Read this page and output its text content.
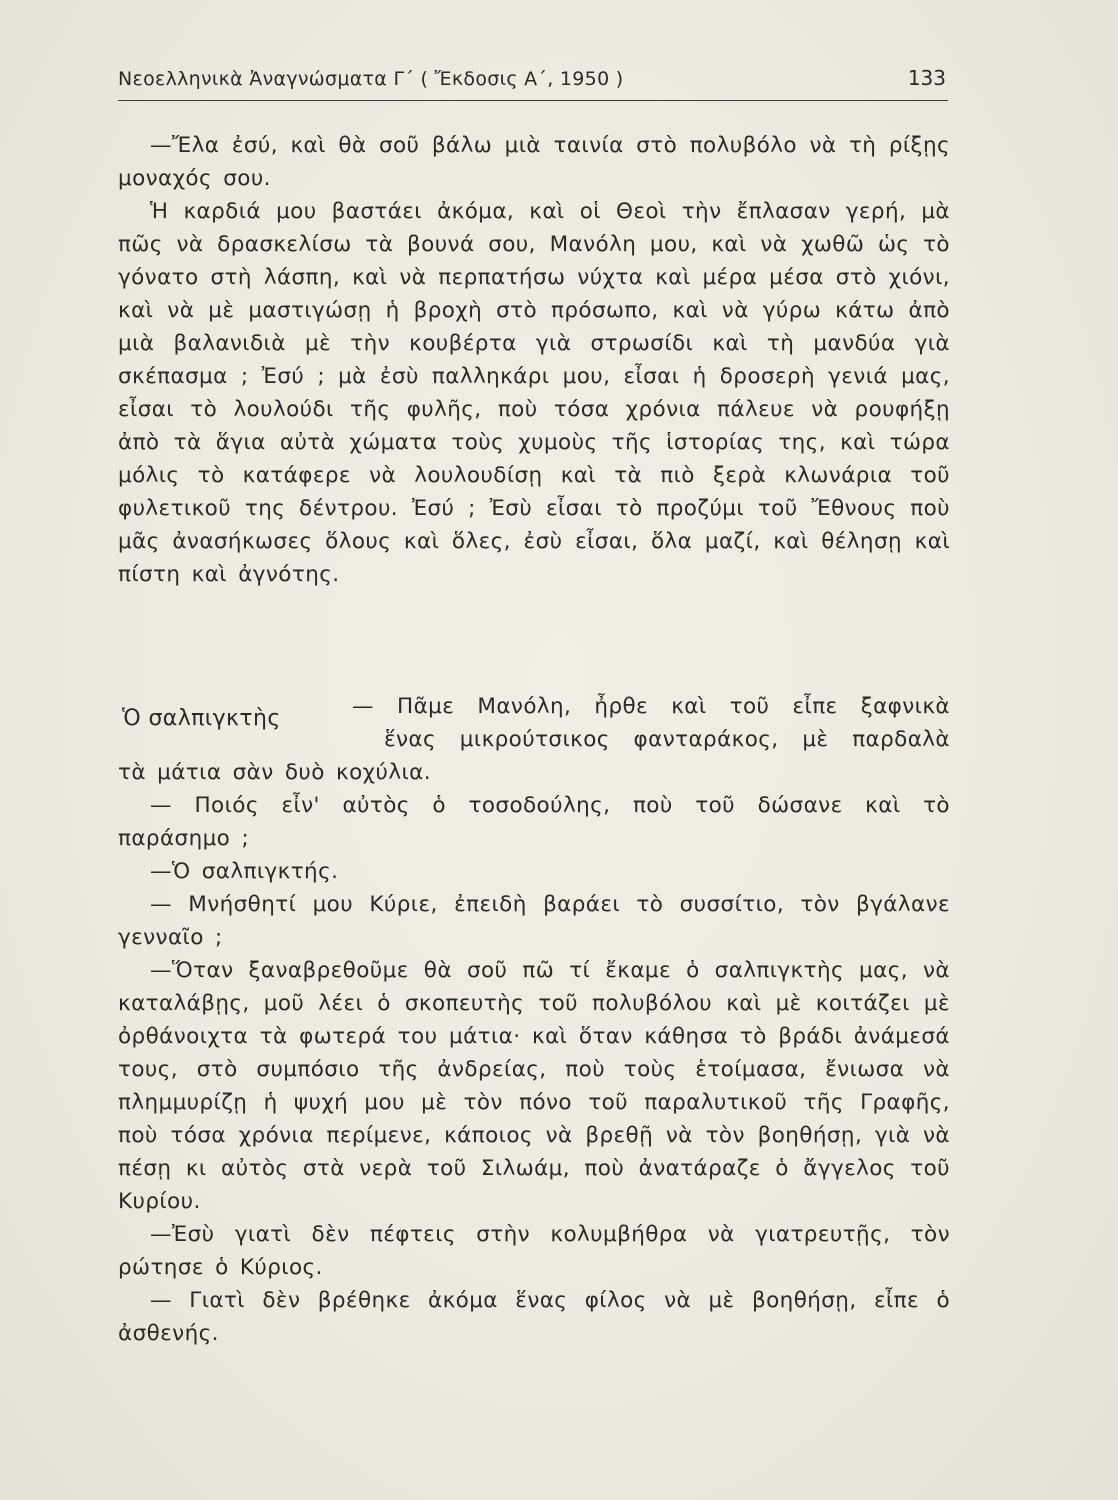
Νεοελληνικὰ Ἀναγνώσματα Γ΄ ( Ἔκδοσις Α΄, 1950 )	133

—Ἔλα ἐσύ, καὶ θὰ σοῦ βάλω μιὰ ταινία στὸ πολυβόλο νὰ τὴ ρίξῃς μοναχός σου.

Ἡ καρδιά μου βαστάει ἀκόμα, καὶ οἱ Θεοὶ τὴν ἔπλασαν γερή, μὰ πῶς νὰ δρασκελίσω τὰ βουνά σου, Μανόλη μου, καὶ νὰ χωθῶ ὡς τὸ γόνατο στὴ λάσπη, καὶ νὰ περπατήσω νύχτα καὶ μέρα μέσα στὸ χιόνι, καὶ νὰ μὲ μαστιγώσῃ ἡ βροχὴ στὸ πρόσωπο, καὶ νὰ γύρω κάτω ἀπὸ μιὰ βαλανιδιὰ μὲ τὴν κουβέρτα γιὰ στρωσίδι καὶ τὴ μανδύα γιὰ σκέπασμα ; Ἐσύ ; μὰ ἐσὺ παλληκάρι μου, εἶσαι ἡ δροσερὴ γενιά μας, εἶσαι τὸ λουλούδι τῆς φυλῆς, ποὺ τόσα χρόνια πάλευε νὰ ρουφήξῃ ἀπὸ τὰ ἅγια αὐτὰ χώματα τοὺς χυμοὺς τῆς ἱστορίας της, καὶ τώρα μόλις τὸ κατάφερε νὰ λουλουδίσῃ καὶ τὰ πιὸ ξερὰ κλωνάρια τοῦ φυλετικοῦ της δέντρου. Ἐσύ ; Ἐσὺ εἶσαι τὸ προζύμι τοῦ Ἔθνους ποὺ μᾶς ἀνασήκωσες ὅλους καὶ ὅλες, ἐσὺ εἶσαι, ὅλα μαζί, καὶ θέλησῃ καὶ πίστη καὶ ἀγνότης.

Ὁ σαλπιγκτὴς	— Πᾶμε Μανόλη, ἦρθε καὶ τοῦ εἶπε ξαφνικὰ
ἕνας μικρούτσικος φανταράκος, μὲ παρδαλὰ

τὰ μάτια σὰν δυὸ κοχύλια.

— Ποιός εἶν' αὐτὸς ὁ τοσοδούλης, ποὺ τοῦ δώσανε καὶ τὸ παράσημο ;

—Ὁ σαλπιγκτής.

— Μνήσθητί μου Κύριε, ἐπειδὴ βαράει τὸ συσσίτιο, τὸν βγάλανε γενναῖο ;

—Ὅταν ξαναβρεθοῦμε θὰ σοῦ πῶ τί ἔκαμε ὁ σαλπιγκτὴς μας, νὰ καταλάβῃς, μοῦ λέει ὁ σκοπευτὴς τοῦ πολυβόλου καὶ μὲ κοιτάζει μὲ ὀρθάνοιχτα τὰ φωτερά του μάτια· καὶ ὅταν κάθησα τὸ βράδι ἀνάμεσά τους, στὸ συμπόσιο τῆς ἀνδρείας, ποὺ τοὺς ἑτοίμασα, ἔνιωσα νὰ πλημμυρίζῃ ἡ ψυχή μου μὲ τὸν πόνο τοῦ παραλυτικοῦ τῆς Γραφῆς, ποὺ τόσα χρόνια περίμενε, κάποιος νὰ βρεθῇ νὰ τὸν βοηθήσῃ, γιὰ νὰ πέσῃ κι αὐτὸς στὰ νερὰ τοῦ Σιλωάμ, ποὺ ἀνατάραζε ὁ ἄγγελος τοῦ Κυρίου.

—Ἐσὺ γιατὶ δὲν πέφτεις στὴν κολυμβήθρα νὰ γιατρευτῇς, τὸν ρώτησε ὁ Κύριος.

— Γιατὶ δὲν βρέθηκε ἀκόμα ἕνας φίλος νὰ μὲ βοηθήσῃ, εἶπε ὁ ἀσθενής.
